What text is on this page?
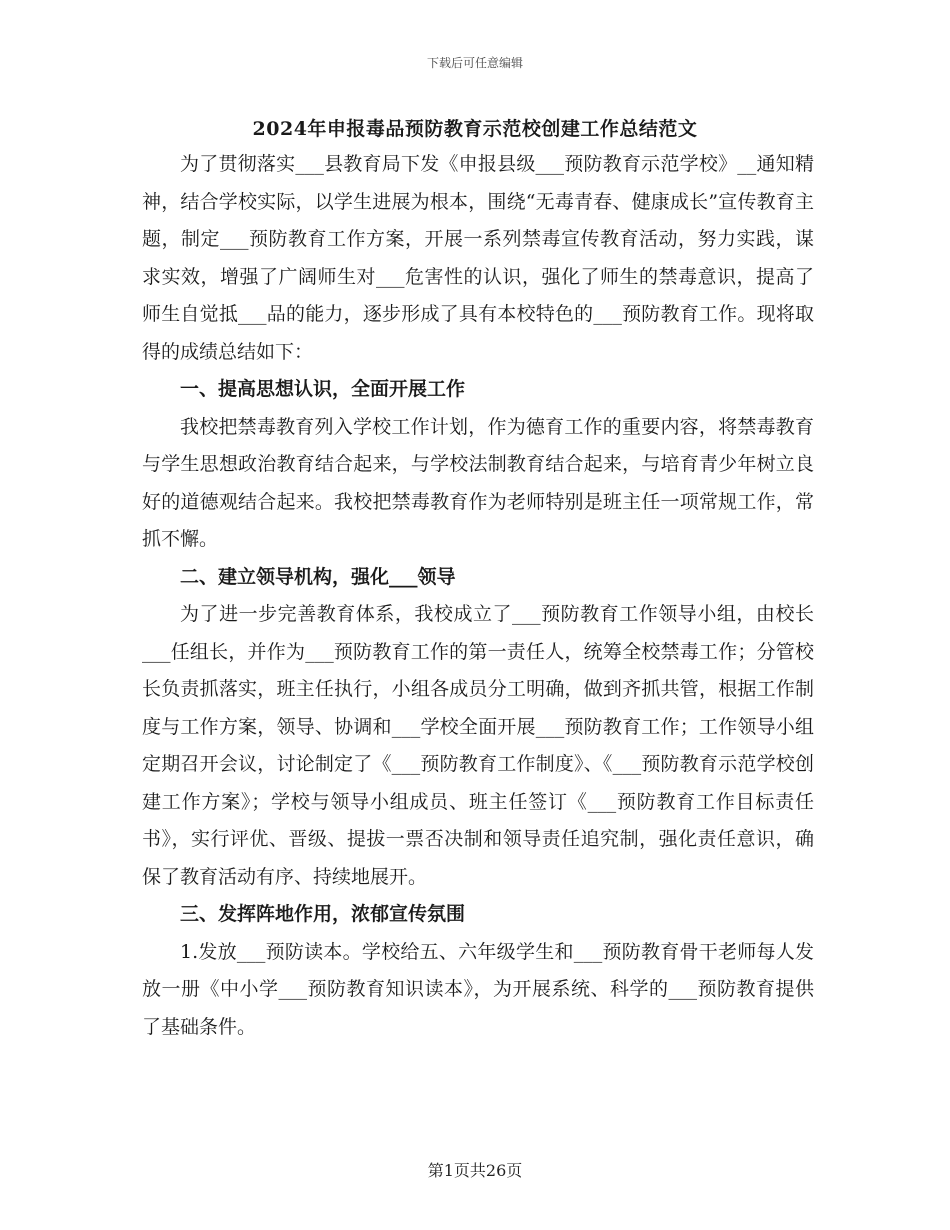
下载后可任意编辑
2024年申报毒品预防教育示范校创建工作总结范文

为了贯彻落实___县教育局下发《申报县级___预防教育示范学校》__通知精神，结合学校实际，以学生进展为根本，围绕“无毒青春、健康成长”宣传教育主题，制定___预防教育工作方案，开展一系列禁毒宣传教育活动，努力实践，谋求实效，增强了广阔师生对___危害性的认识，强化了师生的禁毒意识，提高了师生自觉抵___品的能力，逐步形成了具有本校特色的___预防教育工作。现将取得的成绩总结如下：

一、提高思想认识，全面开展工作

我校把禁毒教育列入学校工作计划，作为德育工作的重要内容，将禁毒教育与学生思想政治教育结合起来，与学校法制教育结合起来，与培育青少年树立良好的道德观结合起来。我校把禁毒教育作为老师特别是班主任一项常规工作，常抓不懈。

二、建立领导机构，强化___领导

为了进一步完善教育体系，我校成立了___预防教育工作领导小组，由校长___任组长，并作为___预防教育工作的第一责任人，统筹全校禁毒工作；分管校长负责抓落实，班主任执行，小组各成员分工明确，做到齐抓共管，根据工作制度与工作方案，领导、协调和___学校全面开展___预防教育工作；工作领导小组定期召开会议，讨论制定了《___预防教育工作制度》、《___预防教育示范学校创建工作方案》；学校与领导小组成员、班主任签订《___预防教育工作目标责任书》，实行评优、晋级、提拔一票否决制和领导责任追究制，强化责任意识，确保了教育活动有序、持续地展开。

三、发挥阵地作用，浓郁宣传氛围

1.发放___预防读本。学校给五、六年级学生和___预防教育骨干老师每人发放一册《中小学___预防教育知识读本》，为开展系统、科学的___预防教育提供了基础条件。

第1页共26页
